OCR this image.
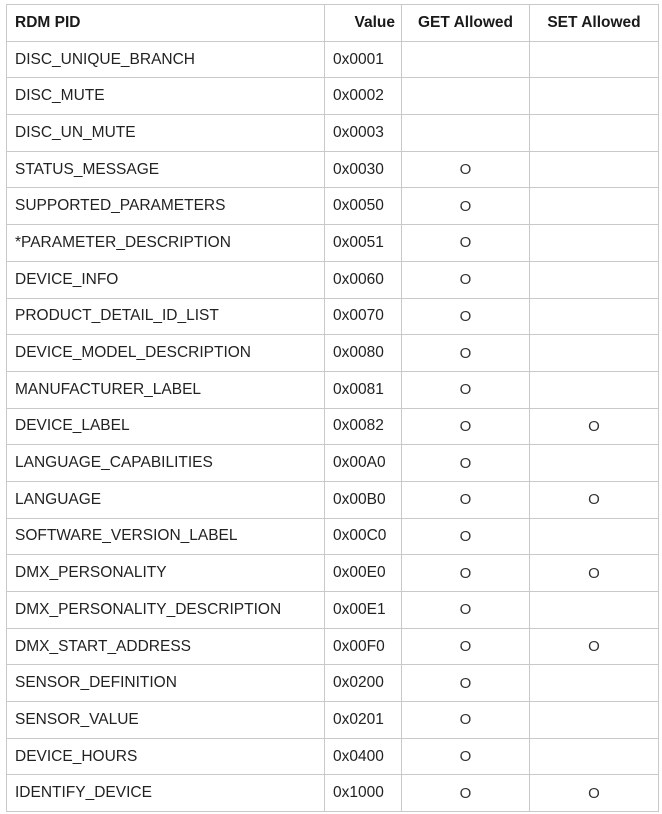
RDM PID	Value	GET Allowed	SET Allowed
DISC_UNIQUE_BRANCH	0x0001		
DISC_MUTE	0x0002		
DISC_UN_MUTE	0x0003		
STATUS_MESSAGE	0x0030	O	
SUPPORTED_PARAMETERS	0x0050	O	
*PARAMETER_DESCRIPTION	0x0051	O	
DEVICE_INFO	0x0060	O	
PRODUCT_DETAIL_ID_LIST	0x0070	O	
DEVICE_MODEL_DESCRIPTION	0x0080	O	
MANUFACTURER_LABEL	0x0081	O	
DEVICE_LABEL	0x0082	O	O
LANGUAGE_CAPABILITIES	0x00A0	O	
LANGUAGE	0x00B0	O	O
SOFTWARE_VERSION_LABEL	0x00C0	O	
DMX_PERSONALITY	0x00E0	O	O
DMX_PERSONALITY_DESCRIPTION	0x00E1	O	
DMX_START_ADDRESS	0x00F0	O	O
SENSOR_DEFINITION	0x0200	O	
SENSOR_VALUE	0x0201	O	
DEVICE_HOURS	0x0400	O	
IDENTIFY_DEVICE	0x1000	O	O
